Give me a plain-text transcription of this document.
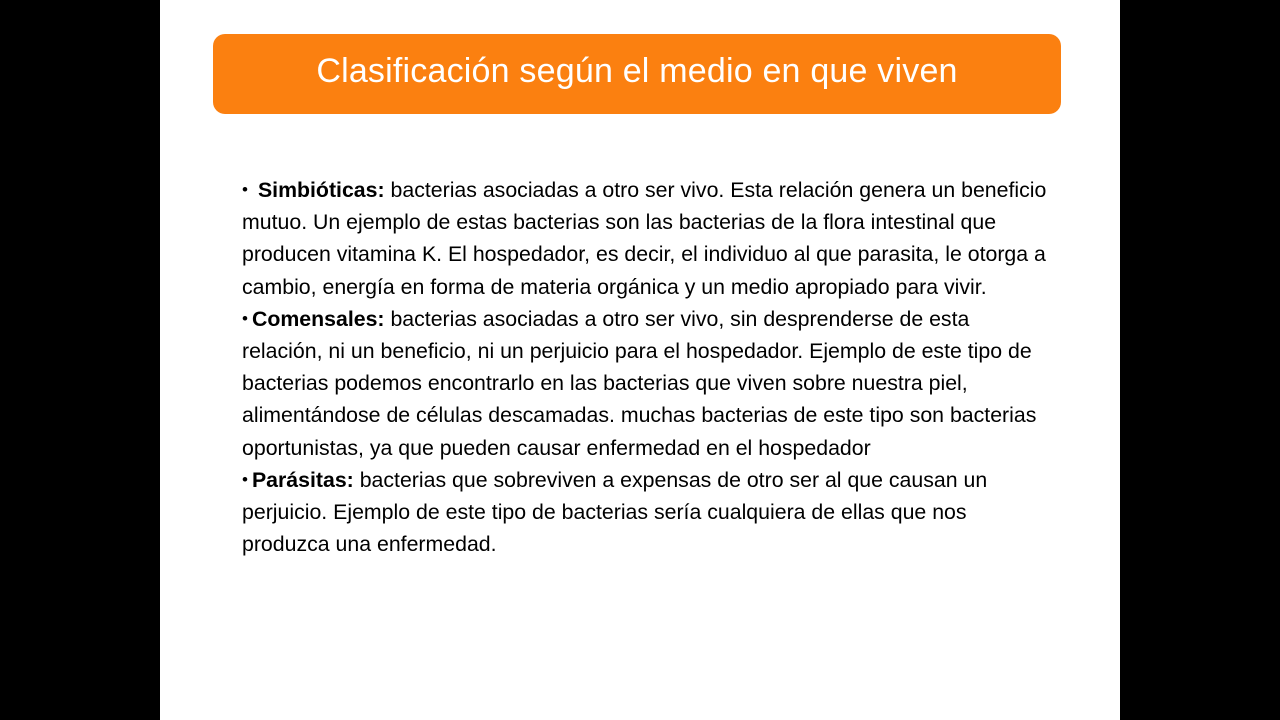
Clasificación según el medio en que viven

• Simbióticas: bacterias asociadas a otro ser vivo. Esta relación genera un beneficio mutuo. Un ejemplo de estas bacterias son las bacterias de la flora intestinal que producen vitamina K. El hospedador, es decir, el individuo al que parasita, le otorga a cambio, energía en forma de materia orgánica y un medio apropiado para vivir.

• Comensales: bacterias asociadas a otro ser vivo, sin desprenderse de esta relación, ni un beneficio, ni un perjuicio para el hospedador. Ejemplo de este tipo de bacterias podemos encontrarlo en las bacterias que viven sobre nuestra piel, alimentándose de células descamadas. muchas bacterias de este tipo son bacterias oportunistas, ya que pueden causar enfermedad en el hospedador

• Parásitas: bacterias que sobreviven a expensas de otro ser al que causan un perjuicio. Ejemplo de este tipo de bacterias sería cualquiera de ellas que nos produzca una enfermedad.
